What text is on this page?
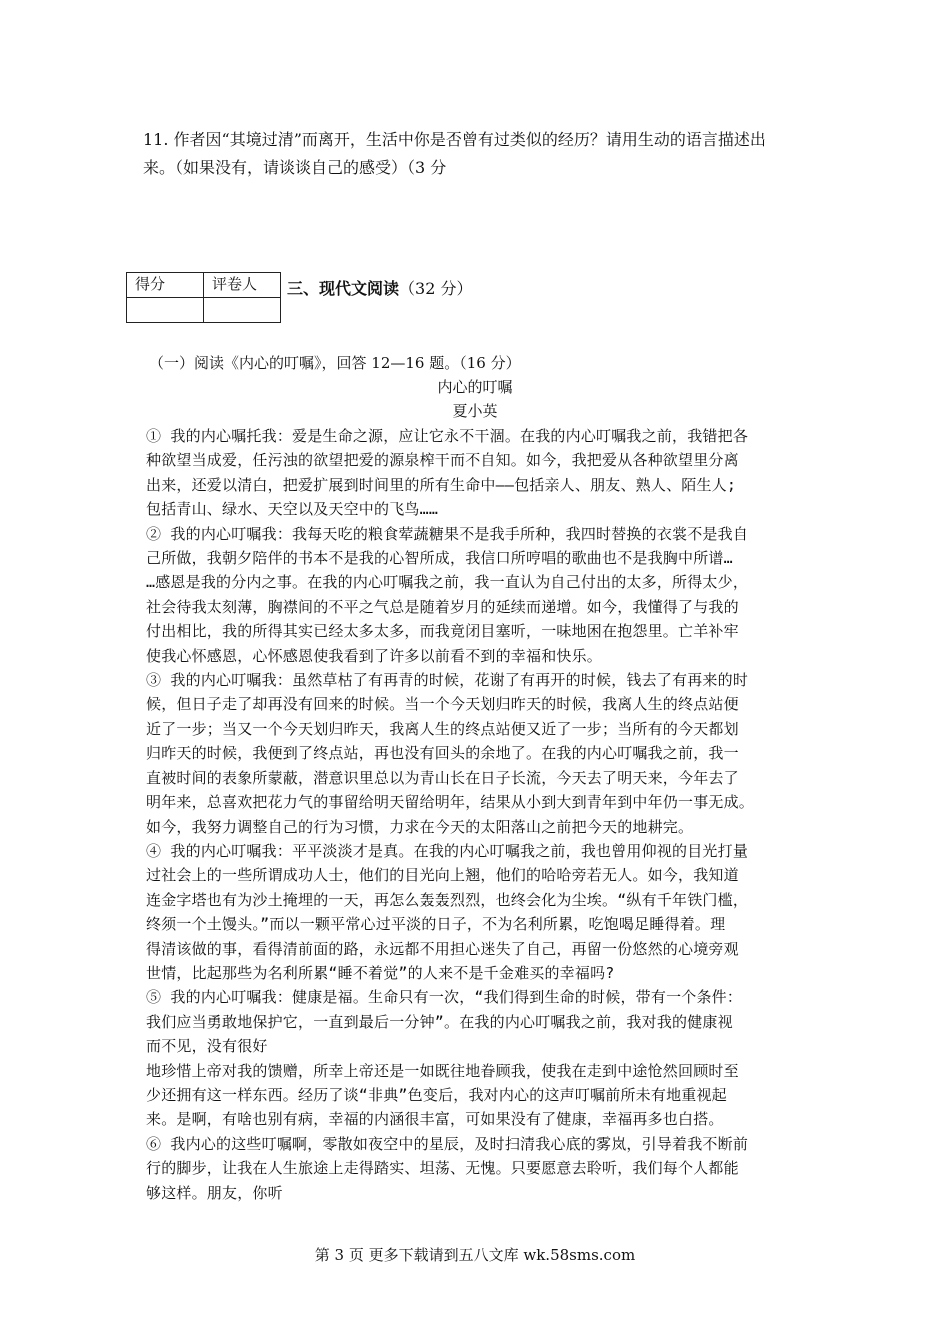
11. 作者因“其境过清”而离开，生活中你是否曾有过类似的经历？请用生动的语言描述出
来。（如果没有，请谈谈自己的感受）（3 分
得分	评卷人
	三、现代文阅读（32 分）
（一）阅读《内心的叮嘱》，回答 12—16 题。（16 分）
内心的叮嘱
夏小英
① 我的内心嘱托我：爱是生命之源，应让它永不干涸。在我的内心叮嘱我之前，我错把各
种欲望当成爱，任污浊的欲望把爱的源泉榨干而不自知。如今，我把爱从各种欲望里分离
出来，还爱以清白，把爱扩展到时间里的所有生命中——包括亲人、朋友、熟人、陌生人;
包括青山、绿水、天空以及天空中的飞鸟……
② 我的内心叮嘱我：我每天吃的粮食荤蔬糖果不是我手所种，我四时替换的衣裳不是我自
己所做，我朝夕陪伴的书本不是我的心智所成，我信口所哼唱的歌曲也不是我胸中所谱…
…感恩是我的分内之事。在我的内心叮嘱我之前，我一直认为自己付出的太多，所得太少，
社会待我太刻薄，胸襟间的不平之气总是随着岁月的延续而递增。如今，我懂得了与我的
付出相比，我的所得其实已经太多太多，而我竟闭目塞听，一味地困在抱怨里。亡羊补牢
使我心怀感恩，心怀感恩使我看到了许多以前看不到的幸福和快乐。
③ 我的内心叮嘱我：虽然草枯了有再青的时候，花谢了有再开的时候，钱去了有再来的时
候，但日子走了却再没有回来的时候。当一个今天划归昨天的时候，我离人生的终点站便
近了一步；当又一个今天划归昨天，我离人生的终点站便又近了一步；当所有的今天都划
归昨天的时候，我便到了终点站，再也没有回头的余地了。在我的内心叮嘱我之前，我一
直被时间的表象所蒙蔽，潜意识里总以为青山长在日子长流，今天去了明天来，今年去了
明年来，总喜欢把花力气的事留给明天留给明年，结果从小到大到青年到中年仍一事无成。
如今，我努力调整自己的行为习惯，力求在今天的太阳落山之前把今天的地耕完。
④ 我的内心叮嘱我：平平淡淡才是真。在我的内心叮嘱我之前，我也曾用仰视的目光打量
过社会上的一些所谓成功人士，他们的目光向上翘，他们的哈哈旁若无人。如今，我知道
连金字塔也有为沙土掩埋的一天，再怎么轰轰烈烈，也终会化为尘埃。“纵有千年铁门槛，
终须一个土馒头。”而以一颗平常心过平淡的日子，不为名利所累，吃饱喝足睡得着。理
得清该做的事，看得清前面的路，永远都不用担心迷失了自己，再留一份悠然的心境旁观
世情，比起那些为名利所累“睡不着觉”的人来不是千金难买的幸福吗?
⑤ 我的内心叮嘱我：健康是福。生命只有一次，“我们得到生命的时候，带有一个条件：
我们应当勇敢地保护它，一直到最后一分钟”。在我的内心叮嘱我之前，我对我的健康视
而不见，没有很好
地珍惜上帝对我的馈赠，所幸上帝还是一如既往地眷顾我，使我在走到中途怆然回顾时至
少还拥有这一样东西。经历了谈“非典”色变后，我对内心的这声叮嘱前所未有地重视起
来。是啊，有啥也别有病，幸福的内涵很丰富，可如果没有了健康，幸福再多也白搭。
⑥ 我内心的这些叮嘱啊，零散如夜空中的星辰，及时扫清我心底的雾岚，引导着我不断前
行的脚步，让我在人生旅途上走得踏实、坦荡、无愧。只要愿意去聆听，我们每个人都能
够这样。朋友，你听
第 3 页 更多下载请到五八文库 wk.58sms.com
